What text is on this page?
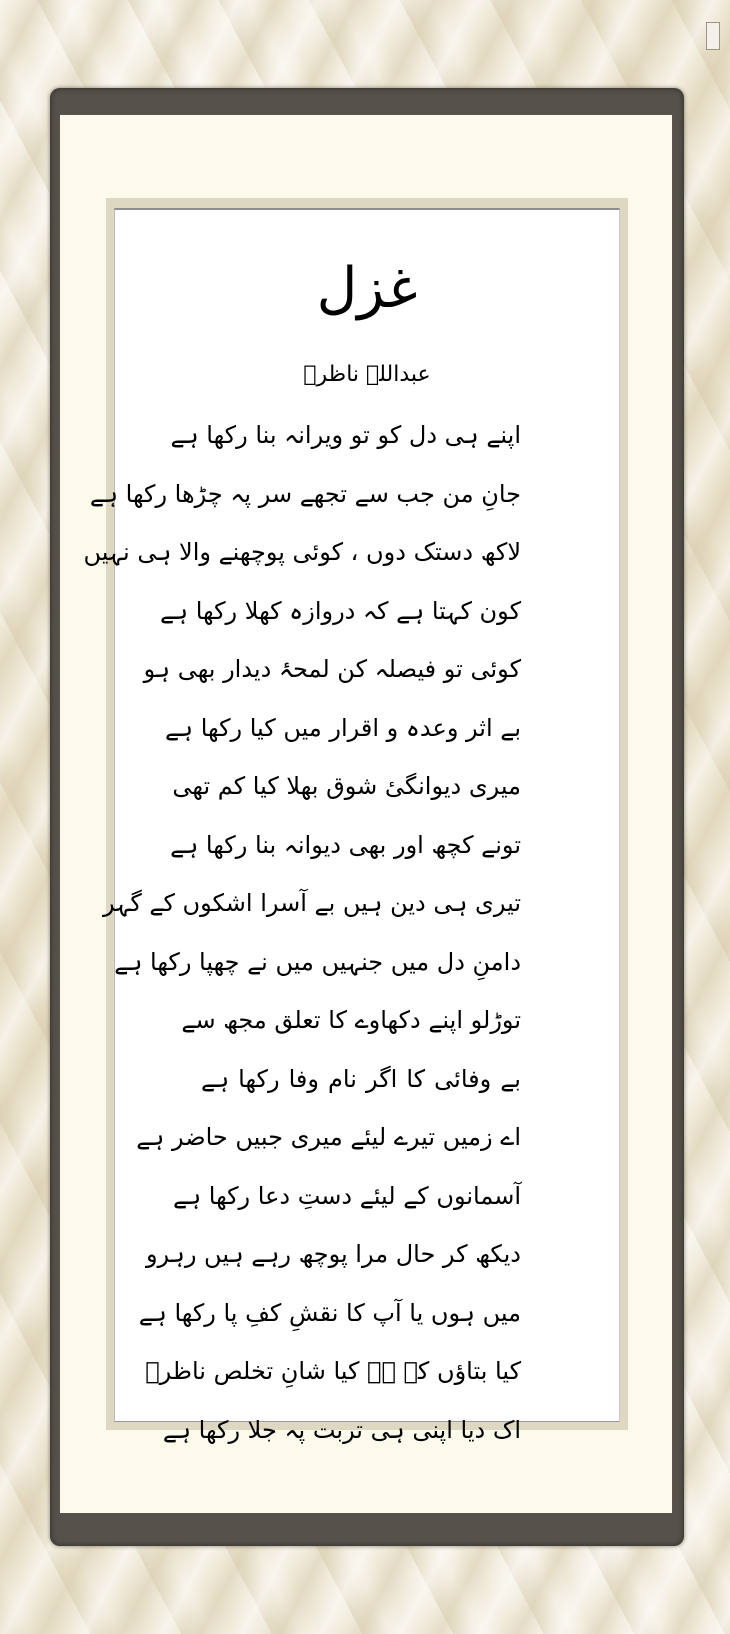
غزل
عبداللہ ناظرؔ
اپنے ہی دل کو تو ویرانہ بنا رکھا ہے
جانِ من جب سے تجھے سر پہ چڑھا رکھا ہے
لاکھ دستک دوں ، کوئی پوچھنے والا ہی نہیں
کون کہتا ہے کہ دروازہ کھلا رکھا ہے
کوئی تو فیصلہ کن لمحۂ دیدار بھی ہو
بے اثر وعدہ و اقرار میں کیا رکھا ہے
میری دیوانگیٔ شوق بھلا کیا کم تھی
تونے کچھ اور بھی دیوانہ بنا رکھا ہے
تیری ہی دین ہیں بے آسرا اشکوں کے گہر
دامنِ دل میں جنہیں میں نے چھپا رکھا ہے
توڑلو اپنے دکھاوے کا تعلق مجھ سے
بے وفائی کا اگر نام وفا رکھا ہے
اے زمیں تیرے لیئے میری جبیں حاضر ہے
آسمانوں کے لیئے دستِ دعا رکھا ہے
دیکھ کر حال مرا پوچھ رہے ہیں رہرو
میں ہوں یا آپ کا نقشِ کفِ پا رکھا ہے
کیا بتاؤں کہ ہے کیا شانِ تخلص ناظرؔ
اک دیا اپنی ہی تربت پہ جلا رکھا ہے
